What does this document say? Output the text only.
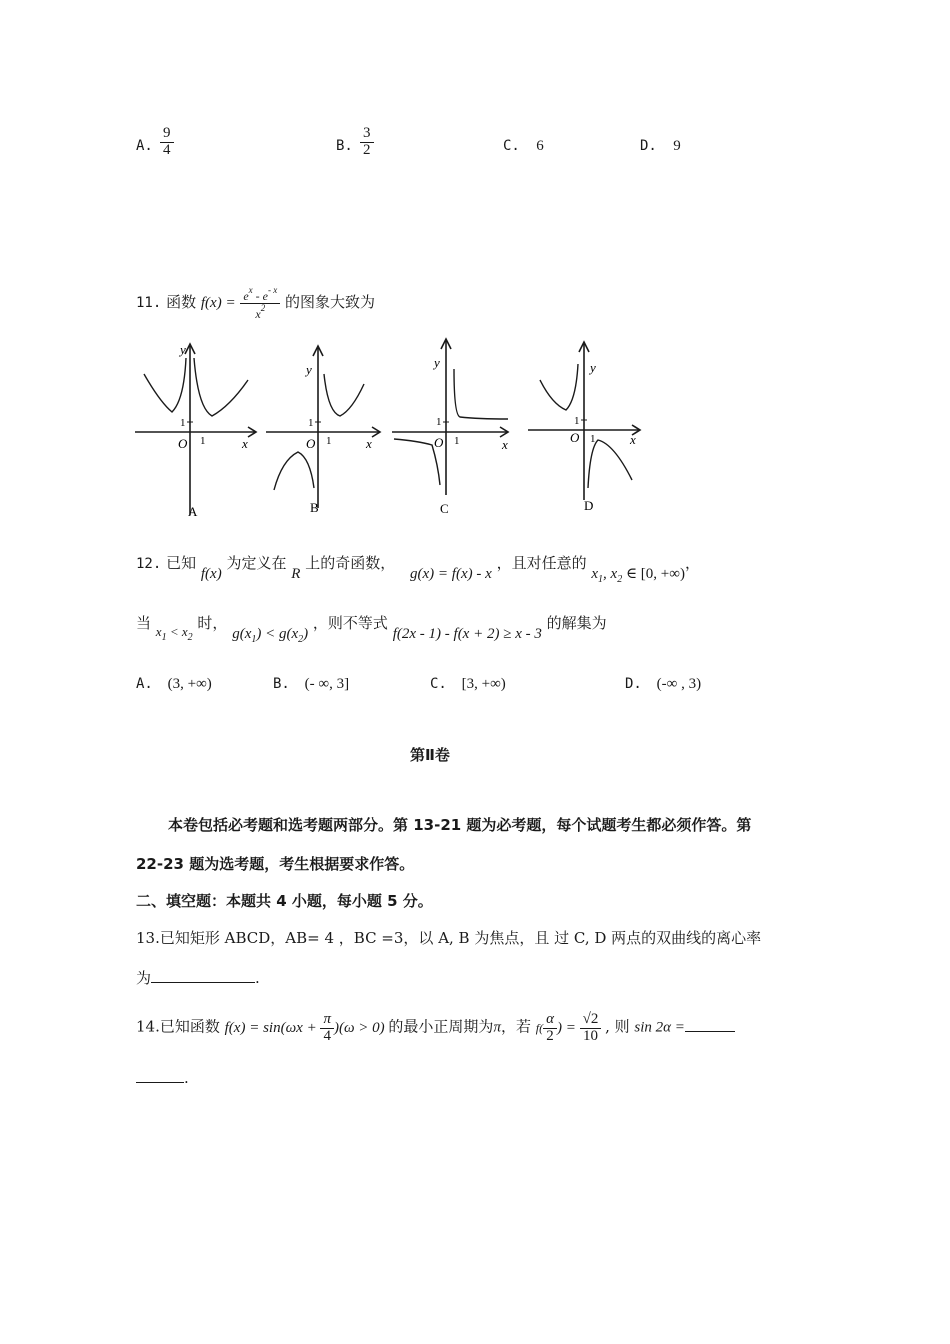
A. $\frac{9}{4}$	B. $\frac{3}{2}$	C. 6	D. 9
11. 函数 $f(x) = \frac{e^x - e^{- x}}{x^2}$ 的图象大致为
1
1
O	x
y
A
1
1
O	x
y
B
1
1
O	x
y
C
1
1
O	x
y
D
12. 已知 f(x) 为定义在 R 上的奇函数， g(x) = f(x) - x ，且对任意的 $x_1$, $x_2$ ∈ [0, +∞)，
当 $x_1 < x_2$ 时， $g(x_1) < g(x_2)$ ，则不等式 f(2x - 1) - f(x + 2) ≥ x - 3 的解集为
A. (3, +∞)	B. (- ∞, 3]	C. [3, +∞)	D. (-∞ , 3)
第Ⅱ卷
本卷包括必考题和选考题两部分。第 13-21 题为必考题，每个试题考生都必须作答。第
22-23 题为选考题，考生根据要求作答。
二、填空题：本题共 4 小题，每小题 5 分。
13.已知矩形 ABCD，AB= 4 ，BC =3，以 A, B 为焦点，且 过 C, D 两点的双曲线的离心率
为	.
14.已知函数 $f(x) = \sin(\omega x + \frac{\pi}{4} )(\omega > 0)$ 的最小正周期为π，若 $f( \frac{\alpha}{2}$ ) = $\frac{√2}{10}$ , 则 sin 2α =
.
